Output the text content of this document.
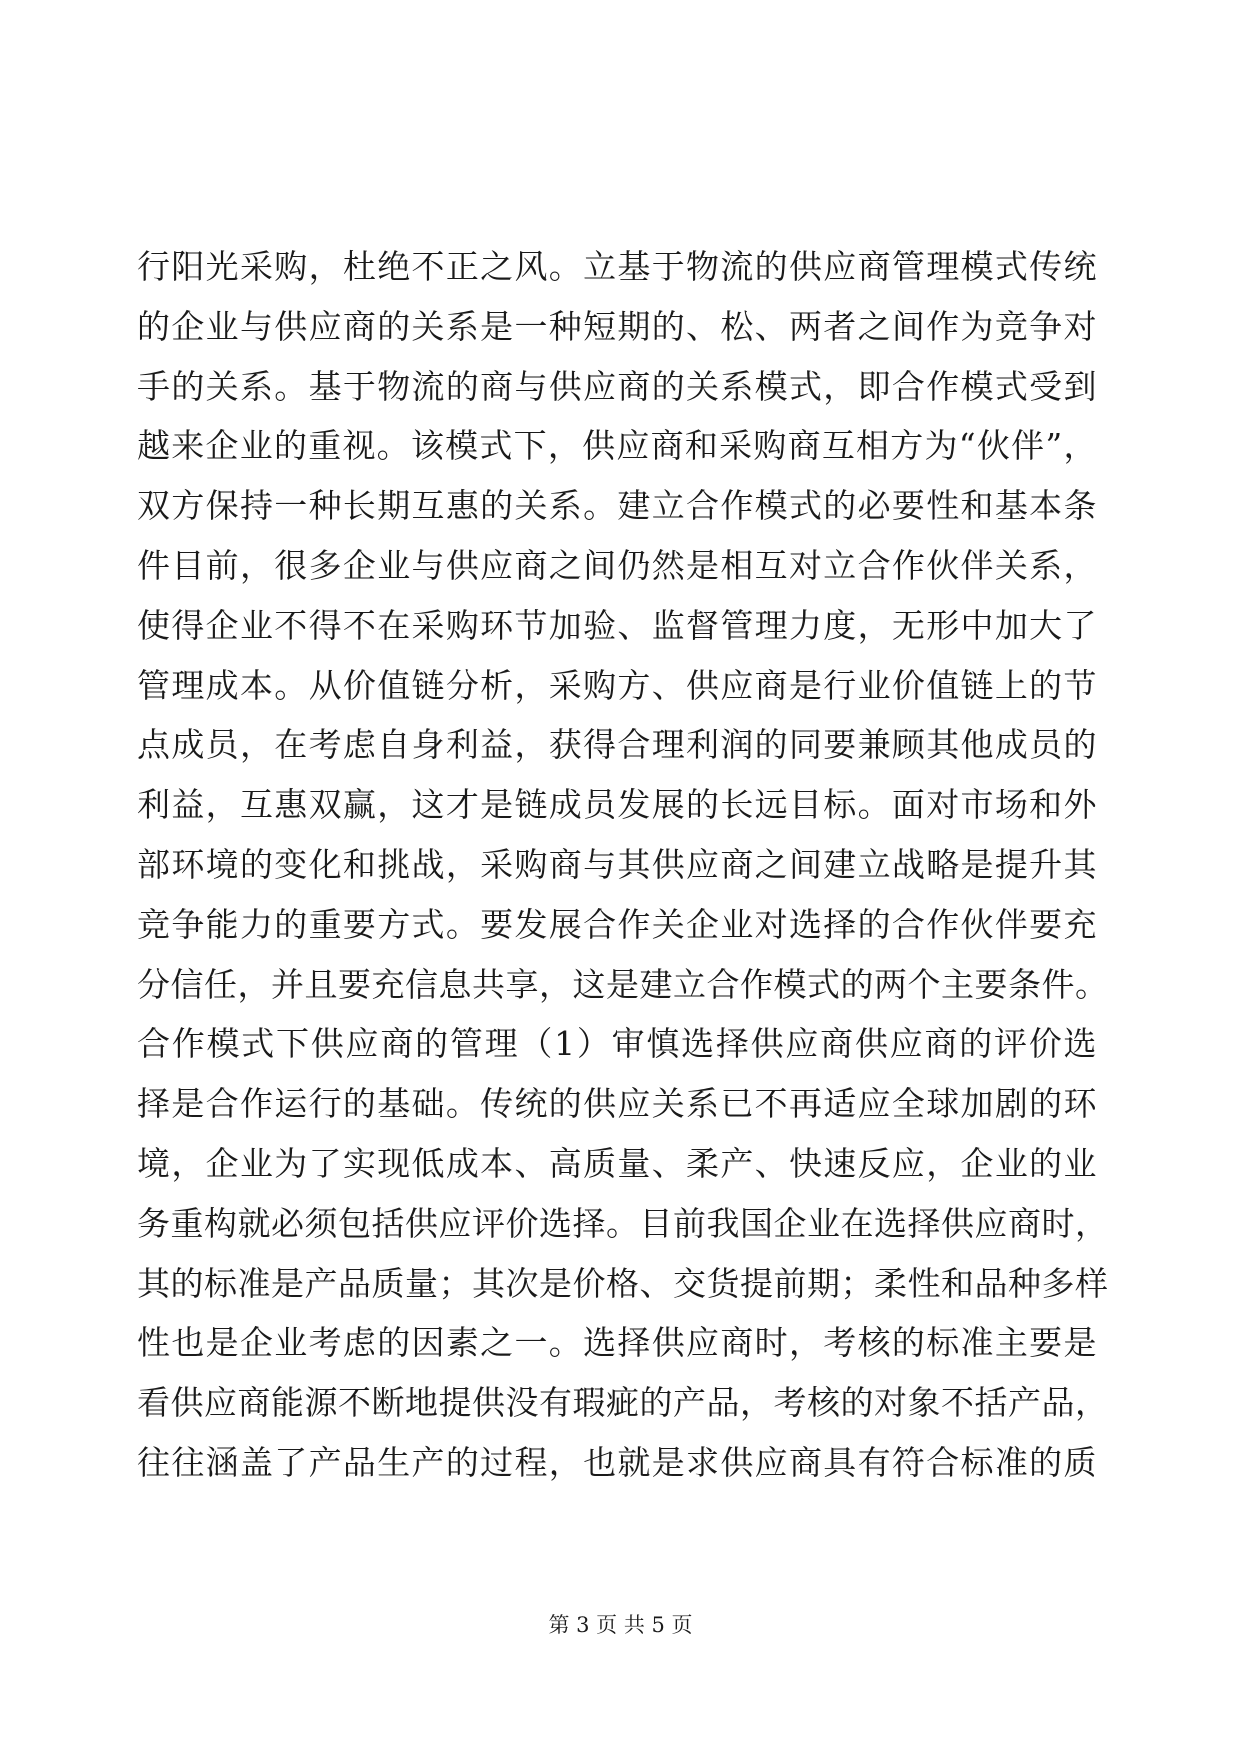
行阳光采购，杜绝不正之风。立基于物流的供应商管理模式传统
的企业与供应商的关系是一种短期的、松、两者之间作为竞争对
手的关系。基于物流的商与供应商的关系模式，即合作模式受到
越来企业的重视。该模式下，供应商和采购商互相方为“伙伴”，
双方保持一种长期互惠的关系。建立合作模式的必要性和基本条
件目前，很多企业与供应商之间仍然是相互对立合作伙伴关系，
使得企业不得不在采购环节加验、监督管理力度，无形中加大了
管理成本。从价值链分析，采购方、供应商是行业价值链上的节
点成员，在考虑自身利益，获得合理利润的同要兼顾其他成员的
利益，互惠双赢，这才是链成员发展的长远目标。面对市场和外
部环境的变化和挑战，采购商与其供应商之间建立战略是提升其
竞争能力的重要方式。要发展合作关企业对选择的合作伙伴要充
分信任，并且要充信息共享，这是建立合作模式的两个主要条件。
合作模式下供应商的管理（1）审慎选择供应商供应商的评价选
择是合作运行的基础。传统的供应关系已不再适应全球加剧的环
境，企业为了实现低成本、高质量、柔产、快速反应，企业的业
务重构就必须包括供应评价选择。目前我国企业在选择供应商时，
其的标准是产品质量；其次是价格、交货提前期；柔性和品种多样
性也是企业考虑的因素之一。选择供应商时，考核的标准主要是
看供应商能源不断地提供没有瑕疵的产品，考核的对象不括产品，
往往涵盖了产品生产的过程，也就是求供应商具有符合标准的质
第 3 页 共 5 页
